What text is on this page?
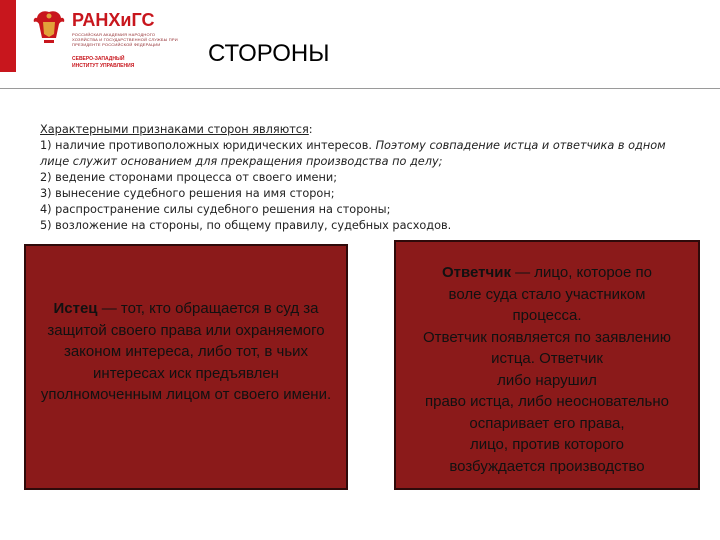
РАНХиГС
РОССИЙСКАЯ АКАДЕМИЯ НАРОДНОГО ХОЗЯЙСТВА И ГОСУДАРСТВЕННОЙ СЛУЖБЫ ПРИ ПРЕЗИДЕНТЕ РОССИЙСКОЙ ФЕДЕРАЦИИ
СЕВЕРО-ЗАПАДНЫЙ
ИНСТИТУТ УПРАВЛЕНИЯ	СТОРОНЫ
Характерными признаками сторон являются:
1) наличие противоположных юридических интересов. Поэтому совпадение истца и ответчика в одном лице служит основанием для прекращения производства по делу;
2) ведение сторонами процесса от своего имени;
3) вынесение судебного решения на имя сторон;
4) распространение силы судебного решения на стороны;
5) возложение на стороны, по общему правилу, судебных расходов.
Истец — тот, кто обращается в суд за защитой своего права или охраняемого законом интереса, либо тот, в чьих интересах иск предъявлен уполномоченным лицом от своего имени.
Ответчик — лицо, которое по
воле суда стало участником
процесса.
Ответчик появляется по заявлению
истца. Ответчик
либо нарушил
право истца, либо неосновательно
оспаривает его права,
лицо, против которого
возбуждается производство
